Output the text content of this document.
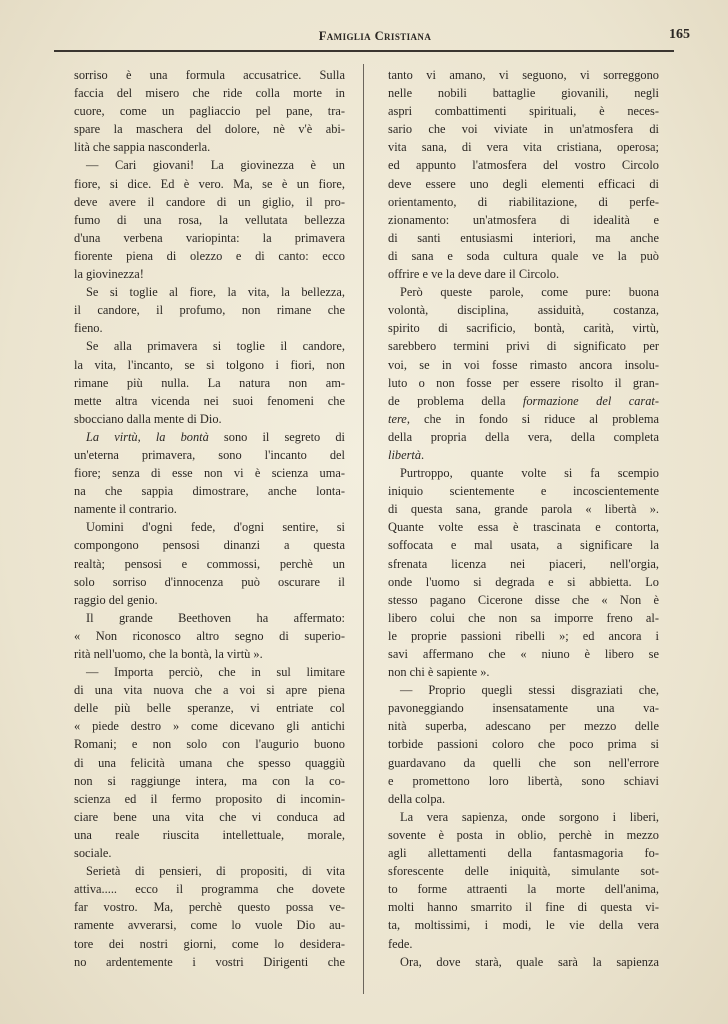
Famiglia Cristiana	165
sorriso è una formula accusatrice. Sulla
faccia del misero che ride colla morte in
cuore, come un pagliaccio pel pane, tra-
spare la maschera del dolore, nè v'è abi-
lità che sappia nasconderla.
— Cari giovani! La giovinezza è un
fiore, si dice. Ed è vero. Ma, se è un fiore,
deve avere il candore di un giglio, il pro-
fumo di una rosa, la vellutata bellezza
d'una verbena variopinta: la primavera
fiorente piena di olezzo e di canto: ecco
la giovinezza!
Se si toglie al fiore, la vita, la bellezza,
il candore, il profumo, non rimane che
fieno.
Se alla primavera si toglie il candore,
la vita, l'incanto, se si tolgono i fiori, non
rimane più nulla. La natura non am-
mette altra vicenda nei suoi fenomeni che
sbocciano dalla mente di Dio.
La virtù, la bontà sono il segreto di
un'eterna primavera, sono l'incanto del
fiore; senza di esse non vi è scienza uma-
na che sappia dimostrare, anche lonta-
namente il contrario.
Uomini d'ogni fede, d'ogni sentire, si
compongono pensosi dinanzi a questa
realtà; pensosi e commossi, perchè un
solo sorriso d'innocenza può oscurare il
raggio del genio.
Il grande Beethoven ha affermato:
« Non riconosco altro segno di superio-
rità nell'uomo, che la bontà, la virtù ».
— Importa perciò, che in sul limitare
di una vita nuova che a voi si apre piena
delle più belle speranze, vi entriate col
« piede destro » come dicevano gli antichi
Romani; e non solo con l'augurio buono
di una felicità umana che spesso quaggiù
non si raggiunge intera, ma con la co-
scienza ed il fermo proposito di incomin-
ciare bene una vita che vi conduca ad
una reale riuscita intellettuale, morale,
sociale.
Serietà di pensieri, di propositi, di vita
attiva..... ecco il programma che dovete
far vostro. Ma, perchè questo possa ve-
ramente avverarsi, come lo vuole Dio au-
tore dei nostri giorni, come lo desidera-
no ardentemente i vostri Dirigenti che
tanto vi amano, vi seguono, vi sorreggono
nelle nobili battaglie giovanili, negli
aspri combattimenti spirituali, è neces-
sario che voi viviate in un'atmosfera di
vita sana, di vera vita cristiana, operosa;
ed appunto l'atmosfera del vostro Circolo
deve essere uno degli elementi efficaci di
orientamento, di riabilitazione, di perfe-
zionamento: un'atmosfera di idealità e
di santi entusiasmi interiori, ma anche
di sana e soda cultura quale ve la può
offrire e ve la deve dare il Circolo.
Però queste parole, come pure: buona
volontà, disciplina, assiduità, costanza,
spirito di sacrificio, bontà, carità, virtù,
sarebbero termini privi di significato per
voi, se in voi fosse rimasto ancora insolu-
luto o non fosse per essere risolto il gran-
de problema della formazione del carat-
tere, che in fondo si riduce al problema
della propria della vera, della completa
libertà.
Purtroppo, quante volte si fa scempio
iniquio scientemente e incoscientemente
di questa sana, grande parola « libertà ».
Quante volte essa è trascinata e contorta,
soffocata e mal usata, a significare la
sfrenata licenza nei piaceri, nell'orgia,
onde l'uomo si degrada e si abbietta. Lo
stesso pagano Cicerone disse che « Non è
libero colui che non sa imporre freno al-
le proprie passioni ribelli »; ed ancora i
savi affermano che « niuno è libero se
non chi è sapiente ».
— Proprio quegli stessi disgraziati che,
pavoneggiando insensatamente una va-
nità superba, adescano per mezzo delle
torbide passioni coloro che poco prima si
guardavano da quelli che son nell'errore
e promettono loro libertà, sono schiavi
della colpa.
La vera sapienza, onde sorgono i liberi,
sovente è posta in oblio, perchè in mezzo
agli allettamenti della fantasmagoria fo-
sforescente delle iniquità, simulante sot-
to forme attraenti la morte dell'anima,
molti hanno smarrito il fine di questa vi-
ta, moltissimi, i modi, le vie della vera
fede.
Ora, dove starà, quale sarà la sapienza
